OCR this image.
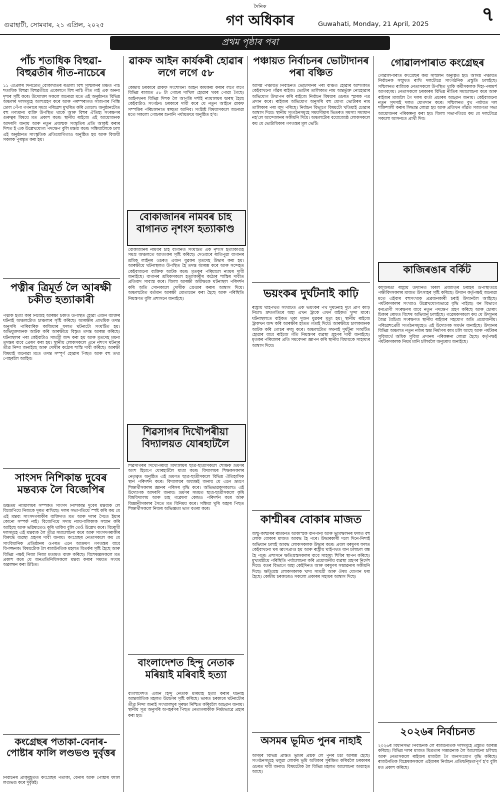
গুৱাহাটী, সোমবাৰ, ২১ এপ্ৰিল, ২০২৫
দৈনিক
গণ অধিকাৰ	Guwahati, Monday, 21 April, 2025	৭
প্ৰথম পৃষ্ঠাৰ পৰা
পাঁচ শতাধিক বিহুৱা-বিহুৱতীৰ গীত-নাচেৰে
১১ এপ্ৰিলৰ দিনটোত বোকাখাতৰ ৰঙালী বিহু সন্মিলনৰ মঞ্চত পাঁচ শতাধিক বিহুৱা বিহুৱতীয়ে একেলগে বিহু নাচি গীত গাই এক অনন্য দৃশ্যৰ সৃষ্টি কৰে। উদ্যোক্তা সকলে জনোৱা মতে এই অনুষ্ঠানত বিভিন্ন অঞ্চলৰ দলসমূহে অংশগ্ৰহণ কৰে আৰু পৰম্পৰাগত সাজপাৰ পিন্ধি ঢোল পেঁপা গগনাৰে সমগ্ৰ পৰিৱেশ মুখৰিত কৰি তোলে। অনুষ্ঠানটোত বহু গণ্যমান্য ব্যক্তি উপস্থিত থাকে আৰু বিহুৰ ঐতিহ্য সংৰক্ষণৰ গুৰুত্বৰ বিষয়ে মত প্ৰকাশ কৰে। স্থানীয় ৰাইজে এই আয়োজনক আদৰণি জনায় আৰু নতুন প্ৰজন্মক সংস্কৃতিৰ প্ৰতি আকৃষ্ট কৰাৰ দিশত ই এক উল্লেখযোগ্য পদক্ষেপ বুলি মন্তব্য কৰে। সন্ধিয়ালৈকে চলা এই অনুষ্ঠানত সাংস্কৃতিক প্ৰতিযোগিতাও অনুষ্ঠিত হয় আৰু বিজয়ী সকলক পুৰস্কৃত কৰা হয়।
পত্নীৰ ত্ৰিমূৰ্ত লৈ আৰক্ষী চকীত হত্যাকাৰী
পত্নীক হত্যা কৰি নিজেই আৰক্ষী চকীত উপস্থিত হোৱা এজন ব্যক্তিৰ ঘটনাই অঞ্চলটোত চাঞ্চল্যৰ সৃষ্টি কৰিছে। আৰক্ষীৰ প্ৰাথমিক তদন্ত অনুসৰি পাৰিবাৰিক কাজিয়াৰ ফলত ঘটনাটো সংঘটিত হয়। অভিযুক্তজনক আটক কৰি আৰক্ষীয়ে বিস্তৃত তদন্ত আৰম্ভ কৰিছে। ঘটনাস্থলৰ পৰা কেইবাটাও সামগ্ৰী জব্দ কৰা হয় আৰু মৃতদেহ ময়না তদন্তৰ বাবে প্ৰেৰণ কৰা হয়। স্থানীয় লোকসকলে এনে নৃশংস ঘটনাৰ তীব্ৰ নিন্দা জনাইছে আৰু দোষীৰ কঠোৰ শাস্তি দাবী কৰিছে। আৰক্ষী বিষয়াই জনোৱা মতে তদন্ত সম্পূৰ্ণ হোৱাৰ পিছত আৰু বহু তথ্য পোহৰলৈ আহিব।
সাংসদ নিশিকান্ত দুবেৰ মন্তব্যক লৈ বিজেপিৰ
উচ্চতম ন্যায়ালয়ৰ সম্পৰ্কত সাংসদ নিশিকান্ত দুবেৰ মন্তব্যক লৈ বিজেপিয়ে নিজকে দূৰত ৰাখিছে। দলৰ সভাপতিয়ে স্পষ্ট কৰি কয় যে এই মন্তব্য সাংসদগৰাকীৰ ব্যক্তিগত মত আৰু দলৰ সৈতে ইয়াৰ কোনো সম্পৰ্ক নাই। বিজেপিয়ে সদায় ন্যায়পালিকাক সন্মান কৰি আহিছে আৰু ভৱিষ্যতেও কৰি থাকিব বুলি তেওঁ উল্লেখ কৰে। বিৰোধী দলসমূহে এই মন্তব্যক লৈ তীব্ৰ সমালোচনা কৰে আৰু সাংসদগৰাকীৰ বিৰুদ্ধে ব্যৱস্থা গ্ৰহণৰ দাবী জনায়। কংগ্ৰেছৰ নেতাসকলে কয় যে সাংবিধানিক প্ৰতিষ্ঠানৰ ওপৰত এনে আক্ৰমণ গণতন্ত্ৰৰ বাবে বিপজ্জনক। বিষয়টোক লৈ ৰাজনৈতিক মহলত বিতৰ্কৰ সৃষ্টি হৈছে আৰু বিভিন্ন পক্ষই নিজা নিজা মতামত ব্যক্ত কৰিছে। বিশেষজ্ঞসকলে মত প্ৰকাশ কৰে যে জনপ্ৰতিনিধিসকলে মন্তব্য কৰাৰ সময়ত সংযম অৱলম্বন কৰা উচিত।
কংগ্ৰেছৰ পতাকা-বেনাৰ-পোষ্টাৰ ফালি লণ্ডভণ্ড দুৰ্বৃত্তৰ
নিৰ্বাচনৰ প্ৰাক্‌মুহূৰ্তত কংগ্ৰেছৰ পতাকা, বেনাৰ আৰু পোষ্টাৰ ফালি লণ্ডভণ্ড কৰে দুৰ্বৃত্তই।
ৱাকফ আইন কাৰ্যকৰী হোৱাৰ লগে লগে ৫৮
কেন্দ্ৰীয় চৰকাৰে ৱাকফ সংশোধনী আইন কাৰ্যকৰী কৰাৰ লগে লগে বিভিন্ন ৰাজ্যত ৫৮ টা গোচৰ দাখিল হোৱাৰ খবৰ পোৱা গৈছে। আইনখনৰ বিভিন্ন দিশক লৈ আপত্তি দৰ্শাই ন্যায়ালয়ৰ দ্বাৰস্থ হৈছে কেইবাটাও সংগঠন। চৰকাৰে দাবী কৰে যে নতুন আইনে ৱাকফ সম্পত্তিৰ পৰিচালনাত স্বচ্ছতা আনিব। সংশ্লিষ্ট বিষয়াসকলে জনোৱা মতে সকলো গোচৰৰ শুনানি পৰ্যায়ক্ৰমে অনুষ্ঠিত হ'ব।
বোকাজানৰ নামবৰ চাহ বাগানত নৃশংস হত্যাকাণ্ড
বোকাজানৰ নামবৰ চাহ বাগানত সংঘটিত এক নৃশংস হত্যাকাণ্ডই সমগ্ৰ অঞ্চলতে আতংকৰ সৃষ্টি কৰিছে। দেওবাৰে ৰাতিপুৱা বাগানৰ শ্ৰমিক লাইনৰ ওচৰত এজন যুৱকৰ মৃতদেহ উদ্ধাৰ কৰা হয়। আৰক্ষীয়ে ঘটনাস্থলত উপস্থিত হৈ তদন্ত আৰম্ভ কৰে আৰু সন্দেহত কেইবাজনো ব্যক্তিক আটক কৰে। মৃতকৰ পৰিয়ালে ন্যায়ৰ দাবী জনাইছে। বাগানৰ শ্ৰমিকসকলে হত্যাকাৰীৰ কঠোৰ শাস্তিৰ দাবীত প্ৰতিবাদ সাব্যস্ত কৰে। জিলা আৰক্ষী অধীক্ষকে ঘটনাস্থল পৰিদৰ্শন কৰি অতি সোনকালে দোষীক গ্ৰেপ্তাৰ কৰাৰ আশ্বাস দিয়ে। অঞ্চলটোত বৰ্তমান আৰক্ষী মোতায়েন কৰা হৈছে আৰু পৰিস্থিতি নিয়ন্ত্ৰণত বুলি প্ৰশাসনে জনাইছে।
শিৱসাগৰ দিখৌপৰীয়া বিদ্যালয়ত যোৰহাটলৈ
শিৱসাগৰৰ দিখৌপৰীয়া বিদ্যালয়ৰ ছাত্ৰ-ছাত্ৰীসকলে শৈক্ষিক ভ্ৰমণৰ অংশ হিচাপে যোৰহাটলৈ যাত্ৰা কৰে। বিদ্যালয়ৰ শিক্ষকসকলৰ নেতৃত্বত অনুষ্ঠিত এই ভ্ৰমণত ছাত্ৰ-ছাত্ৰীসকলে বিভিন্ন ঐতিহাসিক স্থান পৰিদৰ্শন কৰে। বিদ্যালয়ৰ অধ্যক্ষই জনায় যে এনে ভ্ৰমণে শিক্ষাৰ্থীসকলৰ জ্ঞানৰ পৰিসৰ বৃদ্ধি কৰে। অভিভাৱকসকলেও এই উদ্যোগক আদৰণি জনায়। ভ্ৰমণৰ সময়ত ছাত্ৰ-ছাত্ৰীসকলে কৃষি বিশ্ববিদ্যালয় আৰু চাহ গৱেষণা কেন্দ্ৰও পৰিদৰ্শন কৰে আৰু বিজ্ঞানীসকলৰ সৈতে মত বিনিময় কৰে। সন্ধিয়া ঘূৰি অহাৰ পিছত শিক্ষাৰ্থীসকলে নিজৰ অভিজ্ঞতা ভাগ বতৰা কৰে।
বাংলাদেশত হিন্দু নেতাক মৰিয়াই মৰিবাই হত্যা
বাংলাদেশত এজন হিন্দু নেতাক মৰিয়াই হত্যা কৰাৰ ঘটনাই আন্তৰ্জাতিক মহলত উদ্বেগৰ সৃষ্টি কৰিছে। ভাৰত চৰকাৰে ঘটনাটোৰ তীব্ৰ নিন্দা জনাই সংখ্যালঘুৰ সুৰক্ষা নিশ্চিত কৰিবলৈ আহ্বান জনায়। স্থানীয় সূত্ৰ অনুসৰি অপহৰণৰ পিছত নেতাগৰাকীক নিৰ্মমভাৱে প্ৰহাৰ কৰা হয়।
পঞ্চায়ত নিৰ্বাচনৰ ভোটাদানৰ পৰা বঞ্চিত
আসন্ন পঞ্চায়ত নিৰ্বাচনত ভোটাদানৰ পৰা বঞ্চিত হোৱাৰ আশংকাত কেইবাখনো গাঁৱৰ ৰাইজ। ভোটাৰ তালিকাত নাম অন্তৰ্ভুক্ত নোহোৱাৰ অভিযোগ উত্থাপন কৰি ৰাইজে নিৰ্বাচন বিষয়াৰ ওচৰত স্মাৰক পত্ৰ প্ৰদান কৰে। ৰাইজৰ অভিযোগ অনুসৰি বহু যোগ্য ভোটাৰৰ নাম তালিকাৰ পৰা বাদ পৰিছে। নিৰ্বাচন বিভাগে বিষয়টো খতিয়াই চোৱাৰ আশ্বাস দিয়ে। স্থানীয় সংগঠনসমূহে সময়সীমাৰ ভিতৰত সমস্যা সমাধান নহ'লে আন্দোলনৰ সকীয়নি দিয়ে। অঞ্চলটোৰ বয়োজ্যেষ্ঠ লোকসকলে কয় যে ভোটাধিকাৰ গণতন্ত্ৰৰ মূল ভেটি।
ভয়ংকৰ দুৰ্ঘটনাই কাঢ়ি
ৰাষ্ট্ৰীয় ঘাইপথত সংঘটিত এক ভয়ংকৰ পথ দুৰ্ঘটনাই দুটা প্ৰাণ কাঢ়ি নিলে। দ্ৰুতগতিৰে অহা এখন ট্ৰাকে এখন বাইকত খুন্দা মাৰে। ঘটনাস্থলতে বাইকত থকা দুজন যুৱকৰ মৃত্যু হয়। স্থানীয় ৰাইজে ট্ৰাকখন জব্দ কৰি আৰক্ষীৰ হাতত গতাই দিয়ে। আৰক্ষীয়ে চালকজনক আটক কৰি গোচৰ ৰুজু কৰে। অঞ্চলটোত সঘনাই দুৰ্ঘটনা সংঘটিত হোৱাৰ বাবে ৰাইজে গতি নিয়ন্ত্ৰণৰ ব্যৱস্থা গ্ৰহণৰ দাবী জনাইছে। মৃতকৰ পৰিয়ালৰ প্ৰতি সমবেদনা জ্ঞাপন কৰি স্থানীয় বিধায়কে সাহায্যৰ আশ্বাস দিয়ে।
কাশ্মীৰৰ বোকাৰ মাজত
জম্মু-কাশ্মীৰৰ ৰামবনত আকস্মিক বানপানী আৰু ভূমিস্খলনৰ ফলত বহু লোক বোকাৰ মাজত আবদ্ধ হৈ পৰে। উদ্ধাৰকাৰী দলে দিনে-নিশাই অভিযান চলাই আবদ্ধ লোকসকলক উদ্ধাৰ কৰে। প্ৰবল বৰষুণৰ ফলত কেইবাখনো ঘৰ ধ্বংসপ্ৰাপ্ত হয় আৰু ৰাষ্ট্ৰীয় ঘাইপথত যান চলাচল বন্ধ হৈ পৰে। প্ৰশাসনে ক্ষতিগ্ৰস্তসকলৰ বাবে সাহায্য শিবিৰ স্থাপন কৰিছে। মুখ্যমন্ত্ৰীয়ে পৰিস্থিতি পৰ্যালোচনা কৰি প্ৰয়োজনীয় ব্যৱস্থা গ্ৰহণৰ নিৰ্দেশ দিয়ে। বতৰ বিভাগে অহা কেইদিনত আৰু বৰষুণৰ সম্ভাৱনাৰ সকীয়নি দিছে। ক্ষতিগ্ৰস্ত লোকসকলক খাদ্য সামগ্ৰী আৰু ঔষধ যোগান ধৰা হৈছে। কেন্দ্ৰীয় চৰকাৰেও সকলো প্ৰকাৰৰ সহায়ৰ আশ্বাস দিছে।
অসমৰ ভূমিত পুনৰ নাহাই
অসমৰ বিভিন্ন প্ৰান্তত ভূমিৰ প্ৰশ্নক লৈ পুনৰ চৰ্চা আৰম্ভ হৈছে। সংগঠনসমূহে থলুৱা লোকৰ ভূমি অধিকাৰ সুৰক্ষিত কৰিবলৈ চৰকাৰৰ ওচৰত দাবী জনায়। বিষয়টোক লৈ বিভিন্ন মহলত আলোচনা অব্যাহত আছে।
গোৱালপাৰাত কংগ্ৰেছৰ
গোৱালপাৰাত কংগ্ৰেছৰ কৰ্মী সন্মিলন অনুষ্ঠিত হয়। আসন্ন পঞ্চায়ত নিৰ্বাচনক সন্মুখত ৰাখি দলটোৱে সাংগঠনিক প্ৰস্তুতি চলাইছে। সন্মিলনত ৰাজ্যিক নেতাসকলে উপস্থিত থাকি কৰ্মীসকলক দিহা-পৰামৰ্শ আগবঢ়ায়। নেতাসকলে চৰকাৰৰ বিভিন্ন নীতিৰ সমালোচনা কৰে আৰু ৰাইজৰ মাজলৈ গৈ দলৰ বাৰ্তা প্ৰচাৰৰ আহ্বান জনায়। কেইবাজনো নতুন সদস্যই দলত যোগদান কৰে। সন্মিলনত বুথ পৰ্যায়ত দল শক্তিশালী কৰাৰ সিদ্ধান্ত লোৱা হয় আৰু প্ৰতিখন গাঁৱত সজাগতা সভা আয়োজনৰ পৰিকল্পনা কৰা হয়। জিলা সভাপতিয়ে কয় যে দলটোৱে সকলো আসনতে প্ৰাৰ্থী দিব।
কাজিৰঙাৰ বৰ্কিট
কাজিৰঙা ৰাষ্ট্ৰীয় উদ্যানত বিৰল প্ৰজাতিৰ চৰাইৰ উপস্থিতিয়ে পক্ষীবিদসকলৰ মাজত উৎসাহৰ সৃষ্টি কৰিছে। উদ্যান কৰ্তৃপক্ষই জনোৱা মতে এইবাৰ বহুসংখ্যক প্ৰব্ৰজনকাৰী চৰাই উদ্যানলৈ আহিছে। পৰ্যটকসকলৰ সংখ্যাও উল্লেখযোগ্যভাৱে বৃদ্ধি পাইছে। বন বিভাগে বন্যপ্ৰাণী সংৰক্ষণৰ বাবে নতুন পদক্ষেপ গ্ৰহণ কৰিছে আৰু চোৰাং চিকাৰ ৰোধত বিশেষ অভিযান চলাইছে। গৱেষকসকলে কয় যে উদ্যানৰ জৈৱ বৈচিত্ৰ্য সংৰক্ষণত স্থানীয় ৰাইজৰ সহযোগ অতি প্ৰয়োজনীয়। পৰিৱেশপ্ৰেমী সংগঠনসমূহেও এই উদ্যোগক সমৰ্থন জনাইছে। উদ্যানৰ বিভিন্ন অঞ্চলত নতুন নজৰ স্তম্ভ নিৰ্মাণৰ কাম চলি আছে আৰু পৰ্যটকৰ সুবিধাৰ্থে অধিক সুবিধা প্ৰদানৰ পৰিকল্পনা লোৱা হৈছে। কৰ্তৃপক্ষই পৰ্যটকসকলক নিয়ম মানি চলিবলৈ অনুৰোধ জনাইছে।
২০২৬ৰ নিৰ্বাচনত
২০২৬ৰ বিধানসভা নিৰ্বাচনক লৈ ৰাজনৈতিক দলসমূহে প্ৰস্তুতি আৰম্ভ কৰিছে। বিভিন্ন দলৰ মাজত মিত্ৰতাৰ সম্ভাৱনাক লৈ আলোচনা চলিছে আৰু নেতাসকলে ৰাইজৰ মাজলৈ গৈ জনসংযোগ বৃদ্ধি কৰিছে। ৰাজনৈতিক বিশ্লেষকসকলে এইবাৰৰ নিৰ্বাচন প্ৰতিদ্বন্দ্বিতাপূৰ্ণ হ'ব বুলি মত প্ৰকাশ কৰিছে।
